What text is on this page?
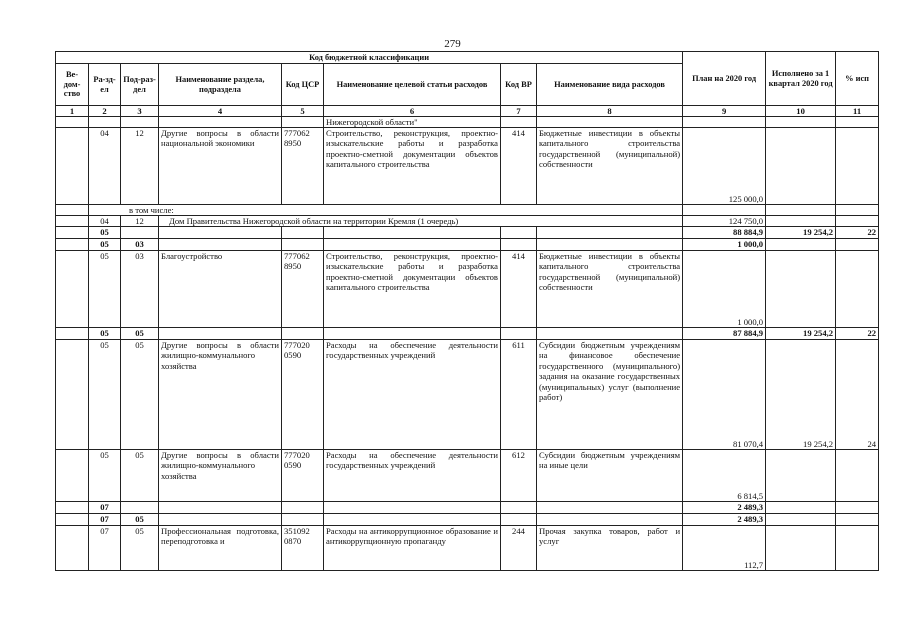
279
Код бюджетной классификации								План на 2020 год	Исполнено за 1 квартал 2020 год	% исп
Ве-дом-ство	Ра-зд-ел	Под-раз-дел	Наименование раздела, подраздела	Код ЦСР	Наименование целевой статьи расходов	Код ВР	Наименование вида расходов			
1	2	3	4	5	6	7	8	9	10	11
					Нижегородской области"					
	04	12	Другие вопросы в области национальной экономики	777062 8950	Строительство, реконструкция, проектно-изыскательские работы и разработка проектно-сметной документации объектов капитального строительства	414	Бюджетные инвестиции в объекты капитального строительства государственной (муниципальной) собственности	125 000,0		
	в том числе:									
	04	12	Дом Правительства Нижегородской области на территории Кремля (1 очередь)					124 750,0		
	05							88 884,9	19 254,2	22
	05	03						1 000,0		
	05	03	Благоустройство	777062 8950	Строительство, реконструкция, проектно-изыскательские работы и разработка проектно-сметной документации объектов капитального строительства	414	Бюджетные инвестиции в объекты капитального строительства государственной (муниципальной) собственности	1 000,0		
	05	05						87 884,9	19 254,2	22
	05	05	Другие вопросы в области жилищно-коммунального хозяйства	777020 0590	Расходы на обеспечение деятельности государственных учреждений	611	Субсидии бюджетным учреждениям на финансовое обеспечение государственного (муниципального) задания на оказание государственных (муниципальных) услуг (выполнение работ)	81 070,4	19 254,2	24
	05	05	Другие вопросы в области жилищно-коммунального хозяйства	777020 0590	Расходы на обеспечение деятельности государственных учреждений	612	Субсидии бюджетным учреждениям на иные цели	6 814,5		
	07							2 489,3		
	07	05						2 489,3		
	07	05	Профессиональная подготовка, переподготовка и	351092 0870	Расходы на антикоррупционное образование и антикоррупционную пропаганду	244	Прочая закупка товаров, работ и услуг	112,7		
